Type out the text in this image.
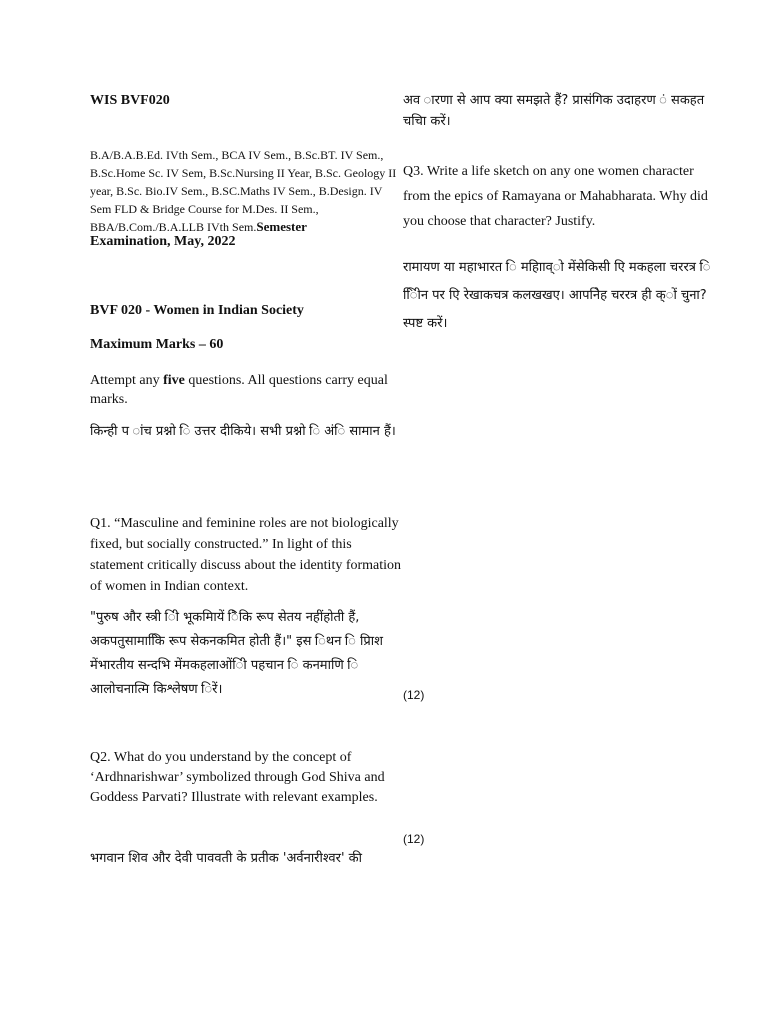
WIS BVF020
B.A/B.A.B.Ed. IVth Sem., BCA IV Sem., B.Sc.BT. IV Sem., B.Sc.Home Sc. IV Sem, B.Sc.Nursing II Year, B.Sc. Geology II year, B.Sc. Bio.IV Sem., B.SC.Maths IV Sem., B.Design. IV Sem FLD & Bridge Course for M.Des. II Sem., BBA/B.Com./B.A.LLB IVth Sem.Semester
Examination, May, 2022
BVF 020 - Women in Indian Society
Maximum Marks – 60
Attempt any five questions. All questions carry equal marks.
किन्ही प ांच प्रश्नो ि उत्तर दीकिये। सभी प्रश्नो ि अंि सामान हैं।
Q1. “Masculine and feminine roles are not biologically fixed, but socially constructed.” In light of this statement critically discuss about the identity formation of women in Indian context.
"पुरुष और स्त्री िी भूकमिायें िैकि रूप सेतय नहींहोती हैं, अकपतुसामाकिि रूप सेकनकमित होती हैं।" इस िथन ि प्रिाश मेंभारतीय सन्दभि मेंमकहलाओंिी पहचान ि कनमाणि ि आलोचनात्मि किश्लेषण िरें।	(12)
Q2. What do you understand by the concept of ‘Ardhnarishwar’ symbolized through God Shiva and Goddess Parvati? Illustrate with relevant examples.
(12)
भगवान शिव और देवी पाववती के प्रतीक 'अर्वनारीश्वर' की
अव ारणा से आप क्या समझते हैं? प्रासंगिक उदाहरण ं सकहत चचाि करें।
Q3. Write a life sketch on any one women character from the epics of Ramayana or Mahabharata. Why did you choose that character? Justify.
रामायण या महाभारत ि महािाव्ो मेंसेकिसी एि मकहला चररत्र ि िीिन पर एि रेखाकचत्र कलखखए। आपनेिह चररत्र ही क्ों चुना? स्पष्ट करें।
